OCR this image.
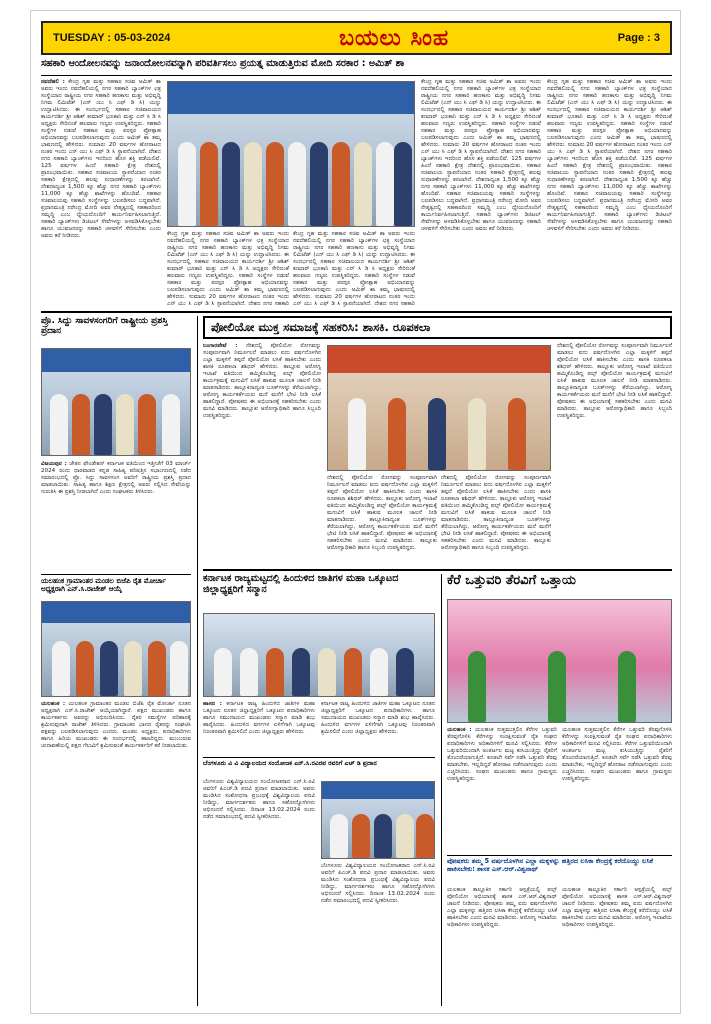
TUESDAY : 05-03-2024	ಬಯಲು ಸಿಂಹ	Page : 3
ಸಹಕಾರಿ ಆಂದೋಲನವನ್ನು ಜನಾಂದೋಲನವನ್ನಾಗಿ ಪರಿವರ್ತಿಸಲು ಪ್ರಯತ್ನ ಮಾಡುತ್ತಿರುವ ಮೋದಿ ಸರಕಾರ : ಅಮಿತ್ ಶಾ
ನವದೆಹಲಿ : ಕೇಂದ್ರ ಗೃಹ ಮತ್ತು ಸಹಕಾರ ಸಚಿವ ಅಮಿತ್ ಶಾ ಅವರು ಇಂದು ನವದೆಹಲಿಯಲ್ಲಿ ನಗರ ಸಹಕಾರಿ ಬ್ಯಾಂಕ್‌ಗಳ ಛತ್ರ ಸಂಸ್ಥೆಯಾದ ರಾಷ್ಟ್ರೀಯ ನಗರ ಸಹಕಾರಿ ಹಣಕಾಸು ಮತ್ತು ಅಭಿವೃದ್ಧಿ ನಿಗಮ ಲಿಮಿಟೆಡ್ (ಎನ್ ಯು ಸಿ ಎಫ್ ಡಿ ಸಿ) ಯನ್ನು ಉದ್ಘಾಟಿಸಿದರು. ಈ ಸಂದರ್ಭದಲ್ಲಿ ಸಹಕಾರ ಸಚಿವಾಲಯದ ಕಾರ್ಯದರ್ಶಿ ಶ್ರೀ ಆಶಿಶ್ ಕುಮಾರ್ ಭೂತಾನಿ ಮತ್ತು ಎನ್ ಸಿ ಡಿ ಸಿ ಅಧ್ಯಕ್ಷರು ಸೇರಿದಂತೆ ಹಲವಾರು ಗಣ್ಯರು ಉಪಸ್ಥಿತರಿದ್ದರು. ಸಹಕಾರಿ ಸಂಸ್ಥೆಗಳ ನಡುವೆ ಸಹಕಾರ ಮತ್ತು ಪರಸ್ಪರ ಪ್ರೋತ್ಸಾಹ ಅಭಿಯಾನವನ್ನು ಬಲಪಡಿಸಲಾಗುವುದು ಎಂದು ಅಮಿತ್ ಶಾ ತಮ್ಮ ಭಾಷಣದಲ್ಲಿ ಹೇಳಿದರು. ಸುಮಾರು 20 ವರ್ಷಗಳ ಹೋರಾಟದ ನಂತರ ಇಂದು ಎನ್ ಯು ಸಿ ಎಫ್ ಡಿ ಸಿ ಸ್ಥಾಪನೆಯಾಗಿದೆ. ದೇಶದ ನಗರ ಸಹಕಾರಿ ಬ್ಯಾಂಕ್‌ಗಳು ಇದರಿಂದ ಹೊಸ ಶಕ್ತಿ ಪಡೆಯಲಿವೆ. 125 ವರ್ಷಗಳ ಹಿಂದೆ ಸಹಕಾರಿ ಕ್ಷೇತ್ರ ದೇಶದಲ್ಲಿ ಪ್ರಾರಂಭವಾಯಿತು. ಸಹಕಾರ ಸಚಿವಾಲಯ ಸ್ಥಾಪನೆಯಾದ ನಂತರ ಸಹಕಾರಿ ಕ್ಷೇತ್ರದಲ್ಲಿ ಹಲವು ಸುಧಾರಣೆಗಳನ್ನು ತರಲಾಗಿದೆ. ದೇಶದಾದ್ಯಂತ 1,500 ಕ್ಕೂ ಹೆಚ್ಚು ನಗರ ಸಹಕಾರಿ ಬ್ಯಾಂಕ್‌ಗಳು 11,000 ಕ್ಕೂ ಹೆಚ್ಚು ಶಾಖೆಗಳನ್ನು ಹೊಂದಿವೆ. ಸಹಕಾರ ಸಚಿವಾಲಯವು ಸಹಕಾರಿ ಸಂಸ್ಥೆಗಳನ್ನು ಬಲಪಡಿಸಲು ಬದ್ಧವಾಗಿದೆ. ಪ್ರಧಾನಮಂತ್ರಿ ನರೇಂದ್ರ ಮೋದಿ ಅವರ ನೇತೃತ್ವದಲ್ಲಿ ಸಹಕಾರದಿಂದ ಸಮೃದ್ಧಿ ಎಂಬ ಧ್ಯೇಯದೊಂದಿಗೆ ಕಾರ್ಯನಿರ್ವಹಿಸಲಾಗುತ್ತಿದೆ. ಸಹಕಾರಿ ಬ್ಯಾಂಕ್‌ಗಳು ಡಿಜಿಟಲ್ ಸೇವೆಗಳನ್ನು ಅಳವಡಿಸಿಕೊಳ್ಳಬೇಕು ಹಾಗೂ ಯುವಜನರನ್ನು ಸಹಕಾರಿ ಚಳವಳಿಗೆ ಸೇರಿಸಬೇಕು ಎಂದು ಅವರು ಕರೆ ನೀಡಿದರು.	ಕೇಂದ್ರ ಗೃಹ ಮತ್ತು ಸಹಕಾರ ಸಚಿವ ಅಮಿತ್ ಶಾ ಅವರು ಇಂದು ನವದೆಹಲಿಯಲ್ಲಿ ನಗರ ಸಹಕಾರಿ ಬ್ಯಾಂಕ್‌ಗಳ ಛತ್ರ ಸಂಸ್ಥೆಯಾದ ರಾಷ್ಟ್ರೀಯ ನಗರ ಸಹಕಾರಿ ಹಣಕಾಸು ಮತ್ತು ಅಭಿವೃದ್ಧಿ ನಿಗಮ ಲಿಮಿಟೆಡ್ (ಎನ್ ಯು ಸಿ ಎಫ್ ಡಿ ಸಿ) ಯನ್ನು ಉದ್ಘಾಟಿಸಿದರು. ಈ ಸಂದರ್ಭದಲ್ಲಿ ಸಹಕಾರ ಸಚಿವಾಲಯದ ಕಾರ್ಯದರ್ಶಿ ಶ್ರೀ ಆಶಿಶ್ ಕುಮಾರ್ ಭೂತಾನಿ ಮತ್ತು ಎನ್ ಸಿ ಡಿ ಸಿ ಅಧ್ಯಕ್ಷರು ಸೇರಿದಂತೆ ಹಲವಾರು ಗಣ್ಯರು ಉಪಸ್ಥಿತರಿದ್ದರು. ಸಹಕಾರಿ ಸಂಸ್ಥೆಗಳ ನಡುವೆ ಸಹಕಾರ ಮತ್ತು ಪರಸ್ಪರ ಪ್ರೋತ್ಸಾಹ ಅಭಿಯಾನವನ್ನು ಬಲಪಡಿಸಲಾಗುವುದು ಎಂದು ಅಮಿತ್ ಶಾ ತಮ್ಮ ಭಾಷಣದಲ್ಲಿ ಹೇಳಿದರು. ಸುಮಾರು 20 ವರ್ಷಗಳ ಹೋರಾಟದ ನಂತರ ಇಂದು ಎನ್ ಯು ಸಿ ಎಫ್ ಡಿ ಸಿ ಸ್ಥಾಪನೆಯಾಗಿದೆ. ದೇಶದ ನಗರ ಸಹಕಾರಿ
ಕೇಂದ್ರ ಗೃಹ ಮತ್ತು ಸಹಕಾರ ಸಚಿವ ಅಮಿತ್ ಶಾ ಅವರು ಇಂದು ನವದೆಹಲಿಯಲ್ಲಿ ನಗರ ಸಹಕಾರಿ ಬ್ಯಾಂಕ್‌ಗಳ ಛತ್ರ ಸಂಸ್ಥೆಯಾದ ರಾಷ್ಟ್ರೀಯ ನಗರ ಸಹಕಾರಿ ಹಣಕಾಸು ಮತ್ತು ಅಭಿವೃದ್ಧಿ ನಿಗಮ ಲಿಮಿಟೆಡ್ (ಎನ್ ಯು ಸಿ ಎಫ್ ಡಿ ಸಿ) ಯನ್ನು ಉದ್ಘಾಟಿಸಿದರು. ಈ ಸಂದರ್ಭದಲ್ಲಿ ಸಹಕಾರ ಸಚಿವಾಲಯದ ಕಾರ್ಯದರ್ಶಿ ಶ್ರೀ ಆಶಿಶ್ ಕುಮಾರ್ ಭೂತಾನಿ ಮತ್ತು ಎನ್ ಸಿ ಡಿ ಸಿ ಅಧ್ಯಕ್ಷರು ಸೇರಿದಂತೆ ಹಲವಾರು ಗಣ್ಯರು ಉಪಸ್ಥಿತರಿದ್ದರು. ಸಹಕಾರಿ ಸಂಸ್ಥೆಗಳ ನಡುವೆ ಸಹಕಾರ ಮತ್ತು ಪರಸ್ಪರ ಪ್ರೋತ್ಸಾಹ ಅಭಿಯಾನವನ್ನು ಬಲಪಡಿಸಲಾಗುವುದು ಎಂದು ಅಮಿತ್ ಶಾ ತಮ್ಮ ಭಾಷಣದಲ್ಲಿ ಹೇಳಿದರು. ಸುಮಾರು 20 ವರ್ಷಗಳ ಹೋರಾಟದ ನಂತರ ಇಂದು ಎನ್ ಯು ಸಿ ಎಫ್ ಡಿ ಸಿ ಸ್ಥಾಪನೆಯಾಗಿದೆ. ದೇಶದ ನಗರ ಸಹಕಾರಿ
ಕೇಂದ್ರ ಗೃಹ ಮತ್ತು ಸಹಕಾರ ಸಚಿವ ಅಮಿತ್ ಶಾ ಅವರು ಇಂದು ನವದೆಹಲಿಯಲ್ಲಿ ನಗರ ಸಹಕಾರಿ ಬ್ಯಾಂಕ್‌ಗಳ ಛತ್ರ ಸಂಸ್ಥೆಯಾದ ರಾಷ್ಟ್ರೀಯ ನಗರ ಸಹಕಾರಿ ಹಣಕಾಸು ಮತ್ತು ಅಭಿವೃದ್ಧಿ ನಿಗಮ ಲಿಮಿಟೆಡ್ (ಎನ್ ಯು ಸಿ ಎಫ್ ಡಿ ಸಿ) ಯನ್ನು ಉದ್ಘಾಟಿಸಿದರು. ಈ ಸಂದರ್ಭದಲ್ಲಿ ಸಹಕಾರ ಸಚಿವಾಲಯದ ಕಾರ್ಯದರ್ಶಿ ಶ್ರೀ ಆಶಿಶ್ ಕುಮಾರ್ ಭೂತಾನಿ ಮತ್ತು ಎನ್ ಸಿ ಡಿ ಸಿ ಅಧ್ಯಕ್ಷರು ಸೇರಿದಂತೆ ಹಲವಾರು ಗಣ್ಯರು ಉಪಸ್ಥಿತರಿದ್ದರು. ಸಹಕಾರಿ ಸಂಸ್ಥೆಗಳ ನಡುವೆ ಸಹಕಾರ ಮತ್ತು ಪರಸ್ಪರ ಪ್ರೋತ್ಸಾಹ ಅಭಿಯಾನವನ್ನು ಬಲಪಡಿಸಲಾಗುವುದು ಎಂದು ಅಮಿತ್ ಶಾ ತಮ್ಮ ಭಾಷಣದಲ್ಲಿ ಹೇಳಿದರು. ಸುಮಾರು 20 ವರ್ಷಗಳ ಹೋರಾಟದ ನಂತರ ಇಂದು ಎನ್ ಯು ಸಿ ಎಫ್ ಡಿ ಸಿ ಸ್ಥಾಪನೆಯಾಗಿದೆ. ದೇಶದ ನಗರ ಸಹಕಾರಿ ಬ್ಯಾಂಕ್‌ಗಳು ಇದರಿಂದ ಹೊಸ ಶಕ್ತಿ ಪಡೆಯಲಿವೆ. 125 ವರ್ಷಗಳ ಹಿಂದೆ ಸಹಕಾರಿ ಕ್ಷೇತ್ರ ದೇಶದಲ್ಲಿ ಪ್ರಾರಂಭವಾಯಿತು. ಸಹಕಾರ ಸಚಿವಾಲಯ ಸ್ಥಾಪನೆಯಾದ ನಂತರ ಸಹಕಾರಿ ಕ್ಷೇತ್ರದಲ್ಲಿ ಹಲವು ಸುಧಾರಣೆಗಳನ್ನು ತರಲಾಗಿದೆ. ದೇಶದಾದ್ಯಂತ 1,500 ಕ್ಕೂ ಹೆಚ್ಚು ನಗರ ಸಹಕಾರಿ ಬ್ಯಾಂಕ್‌ಗಳು 11,000 ಕ್ಕೂ ಹೆಚ್ಚು ಶಾಖೆಗಳನ್ನು ಹೊಂದಿವೆ. ಸಹಕಾರ ಸಚಿವಾಲಯವು ಸಹಕಾರಿ ಸಂಸ್ಥೆಗಳನ್ನು ಬಲಪಡಿಸಲು ಬದ್ಧವಾಗಿದೆ. ಪ್ರಧಾನಮಂತ್ರಿ ನರೇಂದ್ರ ಮೋದಿ ಅವರ ನೇತೃತ್ವದಲ್ಲಿ ಸಹಕಾರದಿಂದ ಸಮೃದ್ಧಿ ಎಂಬ ಧ್ಯೇಯದೊಂದಿಗೆ ಕಾರ್ಯನಿರ್ವಹಿಸಲಾಗುತ್ತಿದೆ. ಸಹಕಾರಿ ಬ್ಯಾಂಕ್‌ಗಳು ಡಿಜಿಟಲ್ ಸೇವೆಗಳನ್ನು ಅಳವಡಿಸಿಕೊಳ್ಳಬೇಕು ಹಾಗೂ ಯುವಜನರನ್ನು ಸಹಕಾರಿ ಚಳವಳಿಗೆ ಸೇರಿಸಬೇಕು ಎಂದು ಅವರು ಕರೆ ನೀಡಿದರು.
ಕೇಂದ್ರ ಗೃಹ ಮತ್ತು ಸಹಕಾರ ಸಚಿವ ಅಮಿತ್ ಶಾ ಅವರು ಇಂದು ನವದೆಹಲಿಯಲ್ಲಿ ನಗರ ಸಹಕಾರಿ ಬ್ಯಾಂಕ್‌ಗಳ ಛತ್ರ ಸಂಸ್ಥೆಯಾದ ರಾಷ್ಟ್ರೀಯ ನಗರ ಸಹಕಾರಿ ಹಣಕಾಸು ಮತ್ತು ಅಭಿವೃದ್ಧಿ ನಿಗಮ ಲಿಮಿಟೆಡ್ (ಎನ್ ಯು ಸಿ ಎಫ್ ಡಿ ಸಿ) ಯನ್ನು ಉದ್ಘಾಟಿಸಿದರು. ಈ ಸಂದರ್ಭದಲ್ಲಿ ಸಹಕಾರ ಸಚಿವಾಲಯದ ಕಾರ್ಯದರ್ಶಿ ಶ್ರೀ ಆಶಿಶ್ ಕುಮಾರ್ ಭೂತಾನಿ ಮತ್ತು ಎನ್ ಸಿ ಡಿ ಸಿ ಅಧ್ಯಕ್ಷರು ಸೇರಿದಂತೆ ಹಲವಾರು ಗಣ್ಯರು ಉಪಸ್ಥಿತರಿದ್ದರು. ಸಹಕಾರಿ ಸಂಸ್ಥೆಗಳ ನಡುವೆ ಸಹಕಾರ ಮತ್ತು ಪರಸ್ಪರ ಪ್ರೋತ್ಸಾಹ ಅಭಿಯಾನವನ್ನು ಬಲಪಡಿಸಲಾಗುವುದು ಎಂದು ಅಮಿತ್ ಶಾ ತಮ್ಮ ಭಾಷಣದಲ್ಲಿ ಹೇಳಿದರು. ಸುಮಾರು 20 ವರ್ಷಗಳ ಹೋರಾಟದ ನಂತರ ಇಂದು ಎನ್ ಯು ಸಿ ಎಫ್ ಡಿ ಸಿ ಸ್ಥಾಪನೆಯಾಗಿದೆ. ದೇಶದ ನಗರ ಸಹಕಾರಿ ಬ್ಯಾಂಕ್‌ಗಳು ಇದರಿಂದ ಹೊಸ ಶಕ್ತಿ ಪಡೆಯಲಿವೆ. 125 ವರ್ಷಗಳ ಹಿಂದೆ ಸಹಕಾರಿ ಕ್ಷೇತ್ರ ದೇಶದಲ್ಲಿ ಪ್ರಾರಂಭವಾಯಿತು. ಸಹಕಾರ ಸಚಿವಾಲಯ ಸ್ಥಾಪನೆಯಾದ ನಂತರ ಸಹಕಾರಿ ಕ್ಷೇತ್ರದಲ್ಲಿ ಹಲವು ಸುಧಾರಣೆಗಳನ್ನು ತರಲಾಗಿದೆ. ದೇಶದಾದ್ಯಂತ 1,500 ಕ್ಕೂ ಹೆಚ್ಚು ನಗರ ಸಹಕಾರಿ ಬ್ಯಾಂಕ್‌ಗಳು 11,000 ಕ್ಕೂ ಹೆಚ್ಚು ಶಾಖೆಗಳನ್ನು ಹೊಂದಿವೆ. ಸಹಕಾರ ಸಚಿವಾಲಯವು ಸಹಕಾರಿ ಸಂಸ್ಥೆಗಳನ್ನು ಬಲಪಡಿಸಲು ಬದ್ಧವಾಗಿದೆ. ಪ್ರಧಾನಮಂತ್ರಿ ನರೇಂದ್ರ ಮೋದಿ ಅವರ ನೇತೃತ್ವದಲ್ಲಿ ಸಹಕಾರದಿಂದ ಸಮೃದ್ಧಿ ಎಂಬ ಧ್ಯೇಯದೊಂದಿಗೆ ಕಾರ್ಯನಿರ್ವಹಿಸಲಾಗುತ್ತಿದೆ. ಸಹಕಾರಿ ಬ್ಯಾಂಕ್‌ಗಳು ಡಿಜಿಟಲ್ ಸೇವೆಗಳನ್ನು ಅಳವಡಿಸಿಕೊಳ್ಳಬೇಕು ಹಾಗೂ ಯುವಜನರನ್ನು ಸಹಕಾರಿ ಚಳವಳಿಗೆ ಸೇರಿಸಬೇಕು ಎಂದು ಅವರು ಕರೆ ನೀಡಿದರು.
ಪ್ರೊ. ಸಿದ್ದು ಸಾವಳಸಂಗರಿಗೆ ರಾಷ್ಟ್ರೀಯ ಪ್ರಶಸ್ತಿ ಪ್ರದಾನ
ವಿಜಯಪುರ : ಚೇತನ ಫೌಂಡೇಶನ್ ಕರ್ನಾಟಕ ವತಿಯಿಂದ ಇತ್ತೀಚೆಗೆ 03 ಮಾರ್ಚ್ 2024 ರಂದು ಧಾರವಾಡದ ಕನ್ನಡ ಸಾಹಿತ್ಯ ಪರಿಷತ್ತಿನ ಸಭಾಂಗಣದಲ್ಲಿ ನಡೆದ ಸಮಾರಂಭದಲ್ಲಿ ಪ್ರೊ. ಸಿದ್ದು ಸಾವಳಸಂಗ ಅವರಿಗೆ ರಾಷ್ಟ್ರೀಯ ಪ್ರಶಸ್ತಿ ಪ್ರದಾನ ಮಾಡಲಾಯಿತು. ಸಾಹಿತ್ಯ ಹಾಗೂ ಶಿಕ್ಷಣ ಕ್ಷೇತ್ರದಲ್ಲಿ ಅವರು ಸಲ್ಲಿಸಿದ ಸೇವೆಯನ್ನು ಗುರುತಿಸಿ ಈ ಪ್ರಶಸ್ತಿ ನೀಡಲಾಗಿದೆ ಎಂದು ಸಂಘಟಕರು ತಿಳಿಸಿದರು.
ಪೋಲಿಯೋ ಮುಕ್ತ ಸಮಾಜಕ್ಕೆ ಸಹಕರಿಸಿ: ಶಾಸಕಿ. ರೂಪಕಲಾ
ಬಂಗಾರಪೇಟೆ : ದೇಶದಲ್ಲಿ ಪೋಲಿಯೋ ರೋಗವನ್ನು ಸಂಪೂರ್ಣವಾಗಿ ನಿರ್ಮೂಲನೆ ಮಾಡಲು ಐದು ವರ್ಷದೊಳಗಿನ ಎಲ್ಲಾ ಮಕ್ಕಳಿಗೆ ತಪ್ಪದೆ ಪೋಲಿಯೋ ಲಸಿಕೆ ಹಾಕಿಸಬೇಕು ಎಂದು ಶಾಸಕಿ ರೂಪಕಲಾ ಶಶಿಧರ್ ಹೇಳಿದರು. ತಾಲ್ಲೂಕು ಆರೋಗ್ಯ ಇಲಾಖೆ ವತಿಯಿಂದ ಹಮ್ಮಿಕೊಂಡಿದ್ದ ಪಲ್ಸ್ ಪೋಲಿಯೋ ಕಾರ್ಯಕ್ರಮಕ್ಕೆ ಮಗುವಿಗೆ ಲಸಿಕೆ ಹಾಕುವ ಮೂಲಕ ಚಾಲನೆ ನೀಡಿ ಮಾತನಾಡಿದರು. ತಾಲ್ಲೂಕಿನಾದ್ಯಂತ ಬೂತ್‌ಗಳನ್ನು ತೆರೆಯಲಾಗಿದ್ದು, ಆರೋಗ್ಯ ಕಾರ್ಯಕರ್ತೆಯರು ಮನೆ ಮನೆಗೆ ಭೇಟಿ ನೀಡಿ ಲಸಿಕೆ ಹಾಕಲಿದ್ದಾರೆ. ಪೋಷಕರು ಈ ಅಭಿಯಾನಕ್ಕೆ ಸಹಕರಿಸಬೇಕು ಎಂದು ಮನವಿ ಮಾಡಿದರು. ತಾಲ್ಲೂಕು ಆರೋಗ್ಯಾಧಿಕಾರಿ ಹಾಗೂ ಸಿಬ್ಬಂದಿ ಉಪಸ್ಥಿತರಿದ್ದರು.
ದೇಶದಲ್ಲಿ ಪೋಲಿಯೋ ರೋಗವನ್ನು ಸಂಪೂರ್ಣವಾಗಿ ನಿರ್ಮೂಲನೆ ಮಾಡಲು ಐದು ವರ್ಷದೊಳಗಿನ ಎಲ್ಲಾ ಮಕ್ಕಳಿಗೆ ತಪ್ಪದೆ ಪೋಲಿಯೋ ಲಸಿಕೆ ಹಾಕಿಸಬೇಕು ಎಂದು ಶಾಸಕಿ ರೂಪಕಲಾ ಶಶಿಧರ್ ಹೇಳಿದರು. ತಾಲ್ಲೂಕು ಆರೋಗ್ಯ ಇಲಾಖೆ ವತಿಯಿಂದ ಹಮ್ಮಿಕೊಂಡಿದ್ದ ಪಲ್ಸ್ ಪೋಲಿಯೋ ಕಾರ್ಯಕ್ರಮಕ್ಕೆ ಮಗುವಿಗೆ ಲಸಿಕೆ ಹಾಕುವ ಮೂಲಕ ಚಾಲನೆ ನೀಡಿ ಮಾತನಾಡಿದರು. ತಾಲ್ಲೂಕಿನಾದ್ಯಂತ ಬೂತ್‌ಗಳನ್ನು ತೆರೆಯಲಾಗಿದ್ದು, ಆರೋಗ್ಯ ಕಾರ್ಯಕರ್ತೆಯರು ಮನೆ ಮನೆಗೆ ಭೇಟಿ ನೀಡಿ ಲಸಿಕೆ ಹಾಕಲಿದ್ದಾರೆ. ಪೋಷಕರು ಈ ಅಭಿಯಾನಕ್ಕೆ ಸಹಕರಿಸಬೇಕು ಎಂದು ಮನವಿ ಮಾಡಿದರು. ತಾಲ್ಲೂಕು ಆರೋಗ್ಯಾಧಿಕಾರಿ ಹಾಗೂ ಸಿಬ್ಬಂದಿ ಉಪಸ್ಥಿತರಿದ್ದರು.
ದೇಶದಲ್ಲಿ ಪೋಲಿಯೋ ರೋಗವನ್ನು ಸಂಪೂರ್ಣವಾಗಿ ನಿರ್ಮೂಲನೆ ಮಾಡಲು ಐದು ವರ್ಷದೊಳಗಿನ ಎಲ್ಲಾ ಮಕ್ಕಳಿಗೆ ತಪ್ಪದೆ ಪೋಲಿಯೋ ಲಸಿಕೆ ಹಾಕಿಸಬೇಕು ಎಂದು ಶಾಸಕಿ ರೂಪಕಲಾ ಶಶಿಧರ್ ಹೇಳಿದರು. ತಾಲ್ಲೂಕು ಆರೋಗ್ಯ ಇಲಾಖೆ ವತಿಯಿಂದ ಹಮ್ಮಿಕೊಂಡಿದ್ದ ಪಲ್ಸ್ ಪೋಲಿಯೋ ಕಾರ್ಯಕ್ರಮಕ್ಕೆ ಮಗುವಿಗೆ ಲಸಿಕೆ ಹಾಕುವ ಮೂಲಕ ಚಾಲನೆ ನೀಡಿ ಮಾತನಾಡಿದರು. ತಾಲ್ಲೂಕಿನಾದ್ಯಂತ ಬೂತ್‌ಗಳನ್ನು ತೆರೆಯಲಾಗಿದ್ದು, ಆರೋಗ್ಯ ಕಾರ್ಯಕರ್ತೆಯರು ಮನೆ ಮನೆಗೆ ಭೇಟಿ ನೀಡಿ ಲಸಿಕೆ ಹಾಕಲಿದ್ದಾರೆ. ಪೋಷಕರು ಈ ಅಭಿಯಾನಕ್ಕೆ ಸಹಕರಿಸಬೇಕು ಎಂದು ಮನವಿ ಮಾಡಿದರು. ತಾಲ್ಲೂಕು ಆರೋಗ್ಯಾಧಿಕಾರಿ ಹಾಗೂ ಸಿಬ್ಬಂದಿ ಉಪಸ್ಥಿತರಿದ್ದರು.
ದೇಶದಲ್ಲಿ ಪೋಲಿಯೋ ರೋಗವನ್ನು ಸಂಪೂರ್ಣವಾಗಿ ನಿರ್ಮೂಲನೆ ಮಾಡಲು ಐದು ವರ್ಷದೊಳಗಿನ ಎಲ್ಲಾ ಮಕ್ಕಳಿಗೆ ತಪ್ಪದೆ ಪೋಲಿಯೋ ಲಸಿಕೆ ಹಾಕಿಸಬೇಕು ಎಂದು ಶಾಸಕಿ ರೂಪಕಲಾ ಶಶಿಧರ್ ಹೇಳಿದರು. ತಾಲ್ಲೂಕು ಆರೋಗ್ಯ ಇಲಾಖೆ ವತಿಯಿಂದ ಹಮ್ಮಿಕೊಂಡಿದ್ದ ಪಲ್ಸ್ ಪೋಲಿಯೋ ಕಾರ್ಯಕ್ರಮಕ್ಕೆ ಮಗುವಿಗೆ ಲಸಿಕೆ ಹಾಕುವ ಮೂಲಕ ಚಾಲನೆ ನೀಡಿ ಮಾತನಾಡಿದರು. ತಾಲ್ಲೂಕಿನಾದ್ಯಂತ ಬೂತ್‌ಗಳನ್ನು ತೆರೆಯಲಾಗಿದ್ದು, ಆರೋಗ್ಯ ಕಾರ್ಯಕರ್ತೆಯರು ಮನೆ ಮನೆಗೆ ಭೇಟಿ ನೀಡಿ ಲಸಿಕೆ ಹಾಕಲಿದ್ದಾರೆ. ಪೋಷಕರು ಈ ಅಭಿಯಾನಕ್ಕೆ ಸಹಕರಿಸಬೇಕು ಎಂದು ಮನವಿ ಮಾಡಿದರು. ತಾಲ್ಲೂಕು ಆರೋಗ್ಯಾಧಿಕಾರಿ ಹಾಗೂ ಸಿಬ್ಬಂದಿ ಉಪಸ್ಥಿತರಿದ್ದರು.
ಯಲಹಂಕ ಗ್ರಾಮಾಂತರ ಮಂಡಲ ಬಿಜೆಪಿ ರೈತ ಮೋರ್ಚಾ ಅಧ್ಯಕ್ಷರಾಗಿ ಎನ್.ಸಿ.ರಾಜೇಶ್ ಆಯ್ಕೆ
ಯಲಹಂಕ : ಯಲಹಂಕ ಗ್ರಾಮಾಂತರ ಮಂಡಲ ಬಿಜೆಪಿ ರೈತ ಮೋರ್ಚಾ ನೂತನ ಅಧ್ಯಕ್ಷರಾಗಿ ಎನ್.ಸಿ.ರಾಜೇಶ್ ಆಯ್ಕೆಯಾಗಿದ್ದಾರೆ. ಪಕ್ಷದ ಮುಖಂಡರು ಹಾಗೂ ಕಾರ್ಯಕರ್ತರು ಅವರನ್ನು ಅಭಿನಂದಿಸಿದರು. ರೈತರ ಸಮಸ್ಯೆಗಳ ಪರಿಹಾರಕ್ಕೆ ಶ್ರಮಿಸುವುದಾಗಿ ರಾಜೇಶ್ ತಿಳಿಸಿದರು. ಗ್ರಾಮಾಂತರ ಭಾಗದ ರೈತರನ್ನು ಸಂಘಟಿಸಿ ಪಕ್ಷವನ್ನು ಬಲಪಡಿಸಲಾಗುವುದು ಎಂದರು. ಮಂಡಲ ಅಧ್ಯಕ್ಷರು, ಪದಾಧಿಕಾರಿಗಳು ಹಾಗೂ ಹಿರಿಯ ಮುಖಂಡರು ಈ ಸಂದರ್ಭದಲ್ಲಿ ಹಾಜರಿದ್ದರು. ಮುಂಬರುವ ಚುನಾವಣೆಯಲ್ಲಿ ಪಕ್ಷದ ಗೆಲುವಿಗೆ ಶ್ರಮಿಸುವಂತೆ ಕಾರ್ಯಕರ್ತರಿಗೆ ಕರೆ ನೀಡಲಾಯಿತು.
ಕರ್ನಾಟಕ ರಾಜ್ಯಮಟ್ಟದಲ್ಲಿ ಹಿಂದುಳಿದ ಜಾತಿಗಳ ಮಹಾ ಒಕ್ಕೂಟದ ಜಿಲ್ಲಾಧ್ಯಕ್ಷರಿಗೆ ಸನ್ಮಾನ
ಹಾಸನ : ಕರ್ನಾಟಕ ರಾಜ್ಯ ಹಿಂದುಳಿದ ಜಾತಿಗಳ ಮಹಾ ಒಕ್ಕೂಟದ ನೂತನ ಜಿಲ್ಲಾಧ್ಯಕ್ಷರಿಗೆ ಒಕ್ಕೂಟದ ಪದಾಧಿಕಾರಿಗಳು ಹಾಗೂ ಸಮುದಾಯದ ಮುಖಂಡರು ಸನ್ಮಾನ ಮಾಡಿ ಶುಭ ಹಾರೈಸಿದರು. ಹಿಂದುಳಿದ ವರ್ಗಗಳ ಏಳಿಗೆಗಾಗಿ ಒಕ್ಕೂಟವು ನಿರಂತರವಾಗಿ ಶ್ರಮಿಸಲಿದೆ ಎಂದು ಜಿಲ್ಲಾಧ್ಯಕ್ಷರು ಹೇಳಿದರು.
ಕರ್ನಾಟಕ ರಾಜ್ಯ ಹಿಂದುಳಿದ ಜಾತಿಗಳ ಮಹಾ ಒಕ್ಕೂಟದ ನೂತನ ಜಿಲ್ಲಾಧ್ಯಕ್ಷರಿಗೆ ಒಕ್ಕೂಟದ ಪದಾಧಿಕಾರಿಗಳು ಹಾಗೂ ಸಮುದಾಯದ ಮುಖಂಡರು ಸನ್ಮಾನ ಮಾಡಿ ಶುಭ ಹಾರೈಸಿದರು. ಹಿಂದುಳಿದ ವರ್ಗಗಳ ಏಳಿಗೆಗಾಗಿ ಒಕ್ಕೂಟವು ನಿರಂತರವಾಗಿ ಶ್ರಮಿಸಲಿದೆ ಎಂದು ಜಿಲ್ಲಾಧ್ಯಕ್ಷರು ಹೇಳಿದರು.
ಬೆಂಗಳೂರು ವಿ ವಿ ವಿದ್ಯಾಲಯದ ಸಂಯೋಜಕ ಎನ್.ಸಿ.ರವಿರವ ರವರಿಗೆ ಎಚ್ ಡಿ ಪ್ರದಾನ
ಬೆಂಗಳೂರು ವಿಶ್ವವಿದ್ಯಾಲಯದ ಸಂಯೋಜಕರಾದ ಎನ್.ಸಿ.ರವಿ ಅವರಿಗೆ ಪಿಎಚ್.ಡಿ ಪದವಿ ಪ್ರದಾನ ಮಾಡಲಾಯಿತು. ಅವರು ಮಂಡಿಸಿದ ಸಂಶೋಧನಾ ಪ್ರಬಂಧಕ್ಕೆ ವಿಶ್ವವಿದ್ಯಾಲಯ ಪದವಿ ನೀಡಿದ್ದು, ಮಾರ್ಗದರ್ಶಕರು ಹಾಗೂ ಸಹೋದ್ಯೋಗಿಗಳು ಅಭಿನಂದನೆ ಸಲ್ಲಿಸಿದರು. ದಿನಾಂಕ 13.02.2024 ರಂದು ನಡೆದ ಸಮಾರಂಭದಲ್ಲಿ ಪದವಿ ಸ್ವೀಕರಿಸಿದರು.
ಬೆಂಗಳೂರು ವಿಶ್ವವಿದ್ಯಾಲಯದ ಸಂಯೋಜಕರಾದ ಎನ್.ಸಿ.ರವಿ ಅವರಿಗೆ ಪಿಎಚ್.ಡಿ ಪದವಿ ಪ್ರದಾನ ಮಾಡಲಾಯಿತು. ಅವರು ಮಂಡಿಸಿದ ಸಂಶೋಧನಾ ಪ್ರಬಂಧಕ್ಕೆ ವಿಶ್ವವಿದ್ಯಾಲಯ ಪದವಿ ನೀಡಿದ್ದು, ಮಾರ್ಗದರ್ಶಕರು ಹಾಗೂ ಸಹೋದ್ಯೋಗಿಗಳು ಅಭಿನಂದನೆ ಸಲ್ಲಿಸಿದರು. ದಿನಾಂಕ 13.02.2024 ರಂದು ನಡೆದ ಸಮಾರಂಭದಲ್ಲಿ ಪದವಿ ಸ್ವೀಕರಿಸಿದರು.
ಕೆರೆ ಒತ್ತುವರಿ ತೆರವಿಗೆ ಒತ್ತಾಯ
ಯಲಹಂಕ : ಯಲಹಂಕ ಸುತ್ತಮುತ್ತಲಿನ ಕೆರೆಗಳ ಒತ್ತುವರಿ ತೆರವುಗೊಳಿಸಿ ಕೆರೆಗಳನ್ನು ಸಂರಕ್ಷಿಸುವಂತೆ ರೈತ ಸಂಘದ ಪದಾಧಿಕಾರಿಗಳು ಅಧಿಕಾರಿಗಳಿಗೆ ಮನವಿ ಸಲ್ಲಿಸಿದರು. ಕೆರೆಗಳ ಒತ್ತುವರಿಯಿಂದಾಗಿ ಅಂತರ್ಜಲ ಮಟ್ಟ ಕುಸಿಯುತ್ತಿದ್ದು ರೈತರಿಗೆ ತೊಂದರೆಯಾಗುತ್ತಿದೆ. ಕೂಡಲೇ ಸರ್ವೆ ನಡೆಸಿ ಒತ್ತುವರಿ ತೆರವು ಮಾಡಬೇಕು, ಇಲ್ಲದಿದ್ದರೆ ಹೋರಾಟ ನಡೆಸಲಾಗುವುದು ಎಂದು ಎಚ್ಚರಿಸಿದರು. ಸಂಘದ ಮುಖಂಡರು ಹಾಗೂ ಗ್ರಾಮಸ್ಥರು ಉಪಸ್ಥಿತರಿದ್ದರು.
ಯಲಹಂಕ ಸುತ್ತಮುತ್ತಲಿನ ಕೆರೆಗಳ ಒತ್ತುವರಿ ತೆರವುಗೊಳಿಸಿ ಕೆರೆಗಳನ್ನು ಸಂರಕ್ಷಿಸುವಂತೆ ರೈತ ಸಂಘದ ಪದಾಧಿಕಾರಿಗಳು ಅಧಿಕಾರಿಗಳಿಗೆ ಮನವಿ ಸಲ್ಲಿಸಿದರು. ಕೆರೆಗಳ ಒತ್ತುವರಿಯಿಂದಾಗಿ ಅಂತರ್ಜಲ ಮಟ್ಟ ಕುಸಿಯುತ್ತಿದ್ದು ರೈತರಿಗೆ ತೊಂದರೆಯಾಗುತ್ತಿದೆ. ಕೂಡಲೇ ಸರ್ವೆ ನಡೆಸಿ ಒತ್ತುವರಿ ತೆರವು ಮಾಡಬೇಕು, ಇಲ್ಲದಿದ್ದರೆ ಹೋರಾಟ ನಡೆಸಲಾಗುವುದು ಎಂದು ಎಚ್ಚರಿಸಿದರು. ಸಂಘದ ಮುಖಂಡರು ಹಾಗೂ ಗ್ರಾಮಸ್ಥರು ಉಪಸ್ಥಿತರಿದ್ದರು.
ಪೋಷಕರು ತಮ್ಮ 5 ವರ್ಷದೊಳಗಿನ ಎಲ್ಲಾ ಮಕ್ಕಳನ್ನು ಹತ್ತಿರದ ಲಸಿಕಾ ಕೇಂದ್ರಕ್ಕೆ ಕರೆದೊಯ್ದು ಲಸಿಕೆ ಹಾಕಿಸಬೇಕು: ಶಾಸಕ ಎಸ್.ಆರ್.ವಿಶ್ವನಾಥ್
ಯಲಹಂಕ ತಾಲ್ಲೂಕಿನ ಸರ್ಕಾರಿ ಆಸ್ಪತ್ರೆಯಲ್ಲಿ ಪಲ್ಸ್ ಪೋಲಿಯೋ ಅಭಿಯಾನಕ್ಕೆ ಶಾಸಕ ಎಸ್.ಆರ್.ವಿಶ್ವನಾಥ್ ಚಾಲನೆ ನೀಡಿದರು. ಪೋಷಕರು ತಮ್ಮ ಐದು ವರ್ಷದೊಳಗಿನ ಎಲ್ಲಾ ಮಕ್ಕಳನ್ನು ಹತ್ತಿರದ ಲಸಿಕಾ ಕೇಂದ್ರಕ್ಕೆ ಕರೆದೊಯ್ದು ಲಸಿಕೆ ಹಾಕಿಸಬೇಕು ಎಂದು ಮನವಿ ಮಾಡಿದರು. ಆರೋಗ್ಯ ಇಲಾಖೆಯ ಅಧಿಕಾರಿಗಳು ಉಪಸ್ಥಿತರಿದ್ದರು.
ಯಲಹಂಕ ತಾಲ್ಲೂಕಿನ ಸರ್ಕಾರಿ ಆಸ್ಪತ್ರೆಯಲ್ಲಿ ಪಲ್ಸ್ ಪೋಲಿಯೋ ಅಭಿಯಾನಕ್ಕೆ ಶಾಸಕ ಎಸ್.ಆರ್.ವಿಶ್ವನಾಥ್ ಚಾಲನೆ ನೀಡಿದರು. ಪೋಷಕರು ತಮ್ಮ ಐದು ವರ್ಷದೊಳಗಿನ ಎಲ್ಲಾ ಮಕ್ಕಳನ್ನು ಹತ್ತಿರದ ಲಸಿಕಾ ಕೇಂದ್ರಕ್ಕೆ ಕರೆದೊಯ್ದು ಲಸಿಕೆ ಹಾಕಿಸಬೇಕು ಎಂದು ಮನವಿ ಮಾಡಿದರು. ಆರೋಗ್ಯ ಇಲಾಖೆಯ ಅಧಿಕಾರಿಗಳು ಉಪಸ್ಥಿತರಿದ್ದರು.
